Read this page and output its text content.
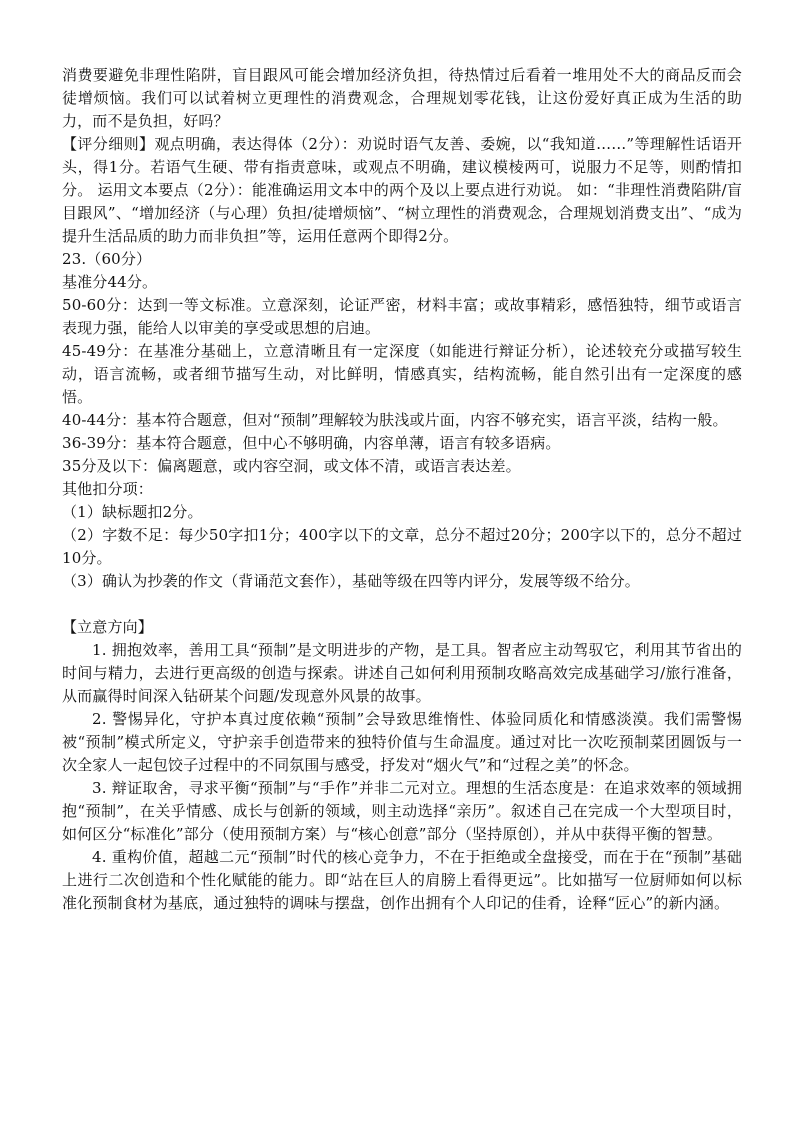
消费要避免非理性陷阱，盲目跟风可能会增加经济负担，待热情过后看着一堆用处不大的商品反而会徒增烦恼。我们可以试着树立更理性的消费观念，合理规划零花钱，让这份爱好真正成为生活的助力，而不是负担，好吗？

【评分细则】观点明确，表达得体（2分）：劝说时语气友善、委婉，以“我知道……”等理解性话语开头，得1分。若语气生硬、带有指责意味，或观点不明确，建议模棱两可，说服力不足等，则酌情扣分。 运用文本要点（2分）：能准确运用文本中的两个及以上要点进行劝说。 如：“非理性消费陷阱/盲目跟风”、“增加经济（与心理）负担/徒增烦恼”、“树立理性的消费观念，合理规划消费支出”、“成为提升生活品质的助力而非负担”等，运用任意两个即得2分。

23.（60分）

基准分44分。

50-60分：达到一等文标准。立意深刻，论证严密，材料丰富；或故事精彩，感悟独特，细节或语言表现力强，能给人以审美的享受或思想的启迪。

45-49分：在基准分基础上，立意清晰且有一定深度（如能进行辩证分析），论述较充分或描写较生动，语言流畅，或者细节描写生动，对比鲜明，情感真实，结构流畅，能自然引出有一定深度的感悟。

40-44分：基本符合题意，但对“预制”理解较为肤浅或片面，内容不够充实，语言平淡，结构一般。

36-39分：基本符合题意，但中心不够明确，内容单薄，语言有较多语病。

35分及以下：偏离题意，或内容空洞，或文体不清，或语言表达差。

其他扣分项：

（1）缺标题扣2分。

（2）字数不足：每少50字扣1分；400字以下的文章，总分不超过20分；200字以下的，总分不超过10分。

（3）确认为抄袭的作文（背诵范文套作），基础等级在四等内评分，发展等级不给分。

【立意方向】

1. 拥抱效率，善用工具“预制”是文明进步的产物，是工具。智者应主动驾驭它，利用其节省出的时间与精力，去进行更高级的创造与探索。讲述自己如何利用预制攻略高效完成基础学习/旅行准备，从而赢得时间深入钻研某个问题/发现意外风景的故事。

2. 警惕异化，守护本真过度依赖“预制”会导致思维惰性、体验同质化和情感淡漠。我们需警惕被“预制”模式所定义，守护亲手创造带来的独特价值与生命温度。通过对比一次吃预制菜团圆饭与一次全家人一起包饺子过程中的不同氛围与感受，抒发对“烟火气”和“过程之美”的怀念。

3. 辩证取舍，寻求平衡“预制”与“手作”并非二元对立。理想的生活态度是：在追求效率的领域拥抱“预制”，在关乎情感、成长与创新的领域，则主动选择“亲历”。叙述自己在完成一个大型项目时，如何区分“标准化”部分（使用预制方案）与“核心创意”部分（坚持原创），并从中获得平衡的智慧。

4. 重构价值，超越二元“预制”时代的核心竞争力，不在于拒绝或全盘接受，而在于在“预制”基础上进行二次创造和个性化赋能的能力。即“站在巨人的肩膀上看得更远”。比如描写一位厨师如何以标准化预制食材为基底，通过独特的调味与摆盘，创作出拥有个人印记的佳肴，诠释“匠心”的新内涵。
